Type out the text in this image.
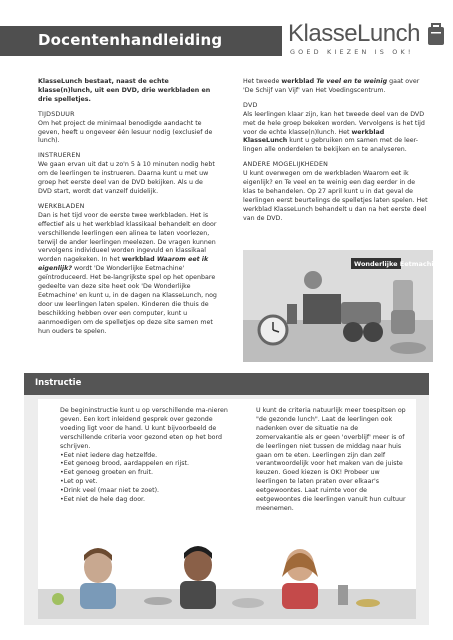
Docentenhandleiding	KlasseLunch
GOED KIEZEN IS OK!

KlasseLunch bestaat, naast de echte klasse(n)lunch, uit een DVD, drie werkbladen en drie spelletjes.

TIJDSDUUR

Om het project de minimaal benodigde aandacht te geven, heeft u ongeveer één lesuur nodig (exclusief de lunch).

INSTRUEREN

We gaan ervan uit dat u zo'n 5 à 10 minuten nodig hebt om de leerlingen te instrueren. Daarna kunt u met uw groep het eerste deel van de DVD bekijken. Als u de DVD start, wordt dat vanzelf duidelijk.

WERKBLADEN

Dan is het tijd voor de eerste twee werkbladen. Het is effectief als u het werkblad klassikaal behandelt en door verschillende leerlingen een alinea te laten voorlezen, terwijl de ander leerlingen meelezen. De vragen kunnen vervolgens individueel worden ingevuld en klassikaal worden nagekeken. In het werkblad Waarom eet ik eigenlijk? wordt 'De Wonderlijke Eetmachine' geïntroduceerd. Het be-langrijkste spel op het openbare gedeelte van deze site heet ook 'De Wonderlijke Eetmachine' en kunt u, in de dagen na KlasseLunch, nog door uw leerlingen laten spelen. Kinderen die thuis de beschikking hebben over een computer, kunt u aanmoedigen om de spelletjes op deze site samen met hun ouders te spelen.

Het tweede werkblad Te veel en te weinig gaat over 'De Schijf van Vijf' van Het Voedingscentrum.

DVD

Als leerlingen klaar zijn, kan het tweede deel van de DVD met de hele groep bekeken worden. Vervolgens is het tijd voor de echte klasse(n)lunch. Het werkblad KlasseLunch kunt u gebruiken om samen met de leer-lingen alle onderdelen te bekijken en te analyseren.

ANDERE MOGELIJKHEDEN

U kunt overwegen om de werkbladen Waarom eet ik eigenlijk? en Te veel en te weinig een dag eerder in de klas te behandelen. Op 27 april kunt u in dat geval de leerlingen eerst beurtelings de spelletjes laten spelen. Het werkblad KlasseLunch behandelt u dan na het eerste deel van de DVD.

Wonderlijke Eetmachine
Instructie

De begininstructie kunt u op verschillende ma-nieren geven. Een kort inleidend gesprek over gezonde voeding ligt voor de hand. U kunt bijvoorbeeld de verschillende criteria voor gezond eten op het bord schrijven.

• Eet niet iedere dag hetzelfde.
• Eet genoeg brood, aardappelen en rijst.
• Eet genoeg groeten en fruit.
• Let op vet.
• Drink veel (maar niet te zoet).
• Eet niet de hele dag door.

U kunt de criteria natuurlijk meer toespitsen op "de gezonde lunch". Laat de leerlingen ook nadenken over de situatie na de zomervakantie als er geen 'overblijf' meer is of de leerlingen niet tussen de middag naar huis gaan om te eten. Leerlingen zijn dan zelf verantwoordelijk voor het maken van de juiste keuzen. Goed kiezen is OK! Probeer uw leerlingen te laten praten over elkaar's eetgewoontes. Laat ruimte voor de eetgewoontes die leerlingen vanuit hun cultuur meenemen.
